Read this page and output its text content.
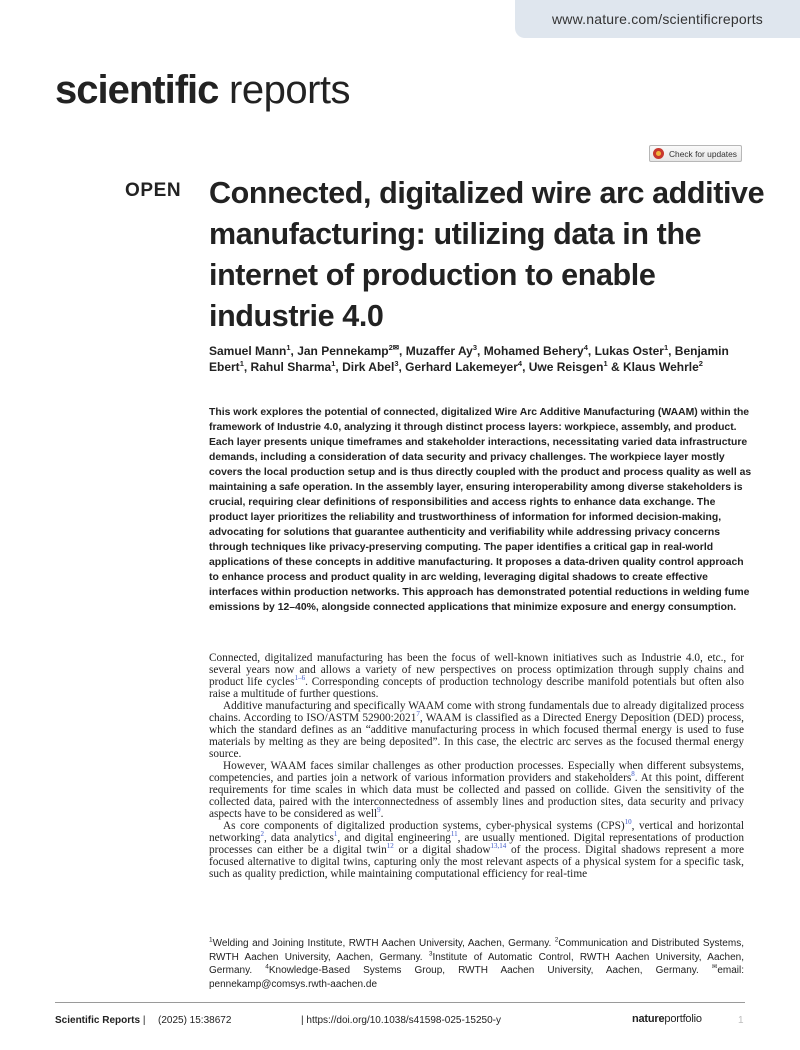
www.nature.com/scientificreports
scientific reports
Check for updates
OPEN Connected, digitalized wire arc additive manufacturing: utilizing data in the internet of production to enable industrie 4.0
Samuel Mann$^1$, Jan Pennekamp$^{2✉}$, Muzaffer Ay$^3$, Mohamed Behery$^4$, Lukas Oster$^1$, Benjamin Ebert$^1$, Rahul Sharma$^1$, Dirk Abel$^3$, Gerhard Lakemeyer$^4$, Uwe Reisgen$^1$ & Klaus Wehrle$^2$

This work explores the potential of connected, digitalized Wire Arc Additive Manufacturing (WAAM) within the framework of Industrie 4.0, analyzing it through distinct process layers: workpiece, assembly, and product. Each layer presents unique timeframes and stakeholder interactions, necessitating varied data infrastructure demands, including a consideration of data security and privacy challenges. The workpiece layer mostly covers the local production setup and is thus directly coupled with the product and process quality as well as maintaining a safe operation. In the assembly layer, ensuring interoperability among diverse stakeholders is crucial, requiring clear definitions of responsibilities and access rights to enhance data exchange. The product layer prioritizes the reliability and trustworthiness of information for informed decision-making, advocating for solutions that guarantee authenticity and verifiability while addressing privacy concerns through techniques like privacy-preserving computing. The paper identifies a critical gap in real-world applications of these concepts in additive manufacturing. It proposes a data-driven quality control approach to enhance process and product quality in arc welding, leveraging digital shadows to create effective interfaces within production networks. This approach has demonstrated potential reductions in welding fume emissions by 12–40%, alongside connected applications that minimize exposure and energy consumption.

Connected, digitalized manufacturing has been the focus of well-known initiatives such as Industrie 4.0, etc., for several years now and allows a variety of new perspectives on process optimization through supply chains and product life cycles$^{1-6}$. Corresponding concepts of production technology describe manifold potentials but often also raise a multitude of further questions.

Additive manufacturing and specifically WAAM come with strong fundamentals due to already digitalized process chains. According to ISO/ASTM 52900:2021$^7$, WAAM is classified as a Directed Energy Deposition (DED) process, which the standard defines as an “additive manufacturing process in which focused thermal energy is used to fuse materials by melting as they are being deposited”. In this case, the electric arc serves as the focused thermal energy source.

However, WAAM faces similar challenges as other production processes. Especially when different subsystems, competencies, and parties join a network of various information providers and stakeholders$^8$. At this point, different requirements for time scales in which data must be collected and passed on collide. Given the sensitivity of the collected data, paired with the interconnectedness of assembly lines and production sites, data security and privacy aspects have to be considered as well$^9$.

As core components of digitalized production systems, cyber-physical systems (CPS)$^{10}$, vertical and horizontal networking$^2$, data analytics$^1$, and digital engineering$^{11}$, are usually mentioned. Digital representations of production processes can either be a digital twin$^{12}$ or a digital shadow$^{13,14}$ of the process. Digital shadows represent a more focused alternative to digital twins, capturing only the most relevant aspects of a physical system for a specific task, such as quality prediction, while maintaining computational efficiency for real-time

$^1$Welding and Joining Institute, RWTH Aachen University, Aachen, Germany. $^2$Communication and Distributed Systems, RWTH Aachen University, Aachen, Germany. $^3$Institute of Automatic Control, RWTH Aachen University, Aachen, Germany. $^4$Knowledge-Based Systems Group, RWTH Aachen University, Aachen, Germany. ✉email: pennekamp@comsys.rwth-aachen.de
Scientific Reports | (2025) 15:38672	| https://doi.org/10.1038/s41598-025-15250-y	natureportfolio	1
